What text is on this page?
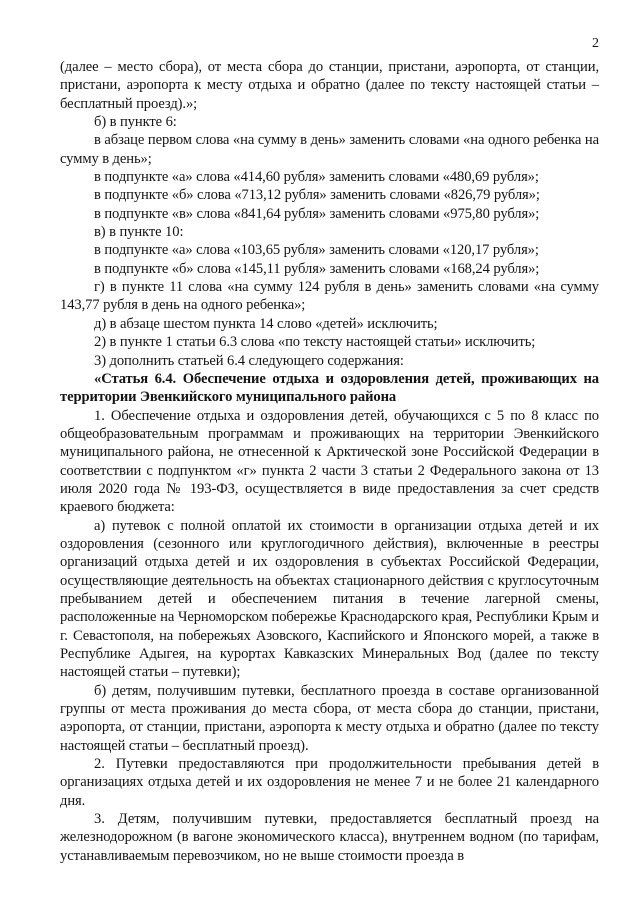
2

(далее – место сбора), от места сбора до станции, пристани, аэропорта, от станции, пристани, аэропорта к месту отдыха и обратно (далее по тексту настоящей статьи – бесплатный проезд).»;

б) в пункте 6:

в абзаце первом слова «на сумму в день» заменить словами «на одного ребенка на сумму в день»;

в подпункте «а» слова «414,60 рубля» заменить словами «480,69 рубля»;

в подпункте «б» слова «713,12 рубля» заменить словами «826,79 рубля»;

в подпункте «в» слова «841,64 рубля» заменить словами «975,80 рубля»;

в) в пункте 10:

в подпункте «а» слова «103,65 рубля» заменить словами «120,17 рубля»;

в подпункте «б» слова «145,11 рубля» заменить словами «168,24 рубля»;

г) в пункте 11 слова «на сумму 124 рубля в день» заменить словами «на сумму 143,77 рубля в день на одного ребенка»;

д) в абзаце шестом пункта 14 слово «детей» исключить;

2) в пункте 1 статьи 6.3 слова «по тексту настоящей статьи» исключить;

3) дополнить статьей 6.4 следующего содержания:

«Статья 6.4. Обеспечение отдыха и оздоровления детей, проживающих на территории Эвенкийского муниципального района

1. Обеспечение отдыха и оздоровления детей, обучающихся с 5 по 8 класс по общеобразовательным программам и проживающих на территории Эвенкийского муниципального района, не отнесенной к Арктической зоне Российской Федерации в соответствии с подпунктом «г» пункта 2 части 3 статьи 2 Федерального закона от 13 июля 2020 года № 193-ФЗ, осуществляется в виде предоставления за счет средств краевого бюджета:

а) путевок с полной оплатой их стоимости в организации отдыха детей и их оздоровления (сезонного или круглогодичного действия), включенные в реестры организаций отдыха детей и их оздоровления в субъектах Российской Федерации, осуществляющие деятельность на объектах стационарного действия с круглосуточным пребыванием детей и обеспечением питания в течение лагерной смены, расположенные на Черноморском побережье Краснодарского края, Республики Крым и г. Севастополя, на побережьях Азовского, Каспийского и Японского морей, а также в Республике Адыгея, на курортах Кавказских Минеральных Вод (далее по тексту настоящей статьи – путевки);

б) детям, получившим путевки, бесплатного проезда в составе организованной группы от места проживания до места сбора, от места сбора до станции, пристани, аэропорта, от станции, пристани, аэропорта к месту отдыха и обратно (далее по тексту настоящей статьи – бесплатный проезд).

2. Путевки предоставляются при продолжительности пребывания детей в организациях отдыха детей и их оздоровления не менее 7 и не более 21 календарного дня.

3. Детям, получившим путевки, предоставляется бесплатный проезд на железнодорожном (в вагоне экономического класса), внутреннем водном (по тарифам, устанавливаемым перевозчиком, но не выше стоимости проезда в
